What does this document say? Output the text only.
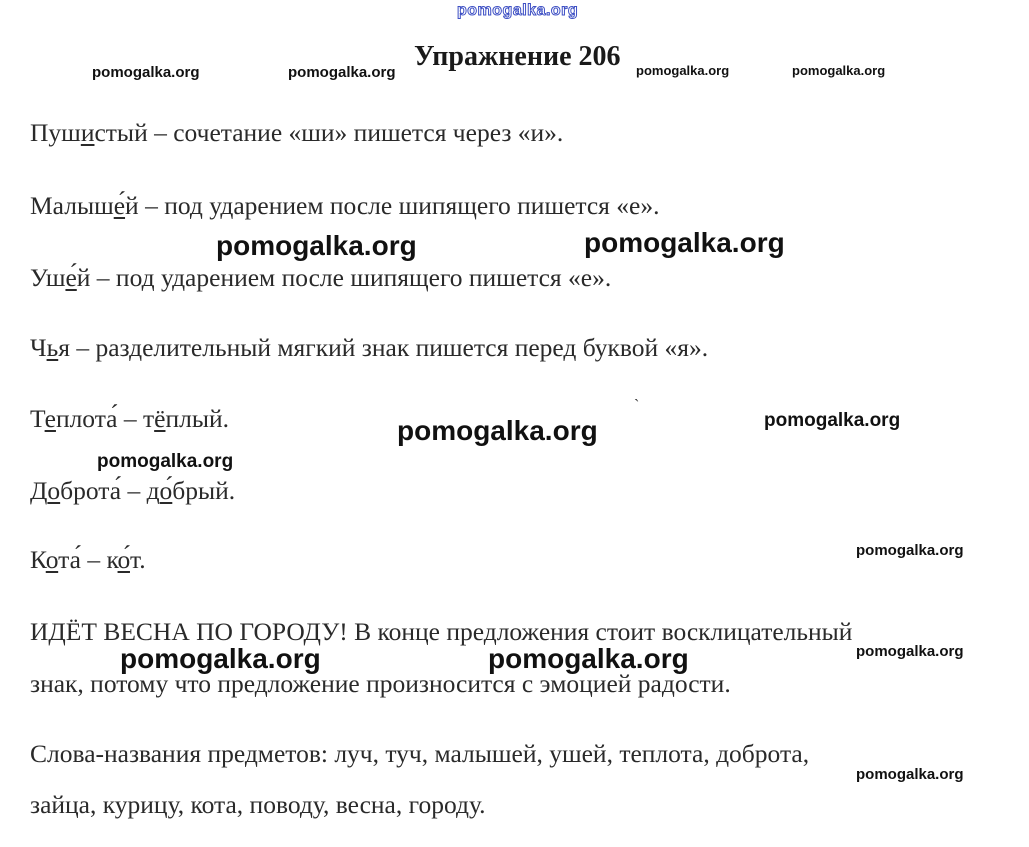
pomogalka.org
pomogalka.org	pomogalka.org	pomogalka.org	pomogalka.org
Упражнение 206
Пушистый – сочетание «ши» пишется через «и».
Малыше́й – под ударением после шипящего пишется «е».
Уше́й – под ударением после шипящего пишется «е».
Чья – разделительный мягкий знак пишется перед буквой «я».
Теплота́ – тёплый.
Доброта́ – до́брый.
Кота́ – ко́т.
ИДЁТ ВЕСНА ПО ГОРОДУ! В конце предложения стоит восклицательный
знак, потому что предложение произносится с эмоцией радости.
Слова-названия предметов: луч, туч, малышей, ушей, теплота, доброта,
зайца, курицу, кота, поводу, весна, городу.
`
pomogalka.org	pomogalka.org
pomogalka.org	pomogalka.org
pomogalka.org
pomogalka.org
pomogalka.org	pomogalka.org	pomogalka.org
pomogalka.org
